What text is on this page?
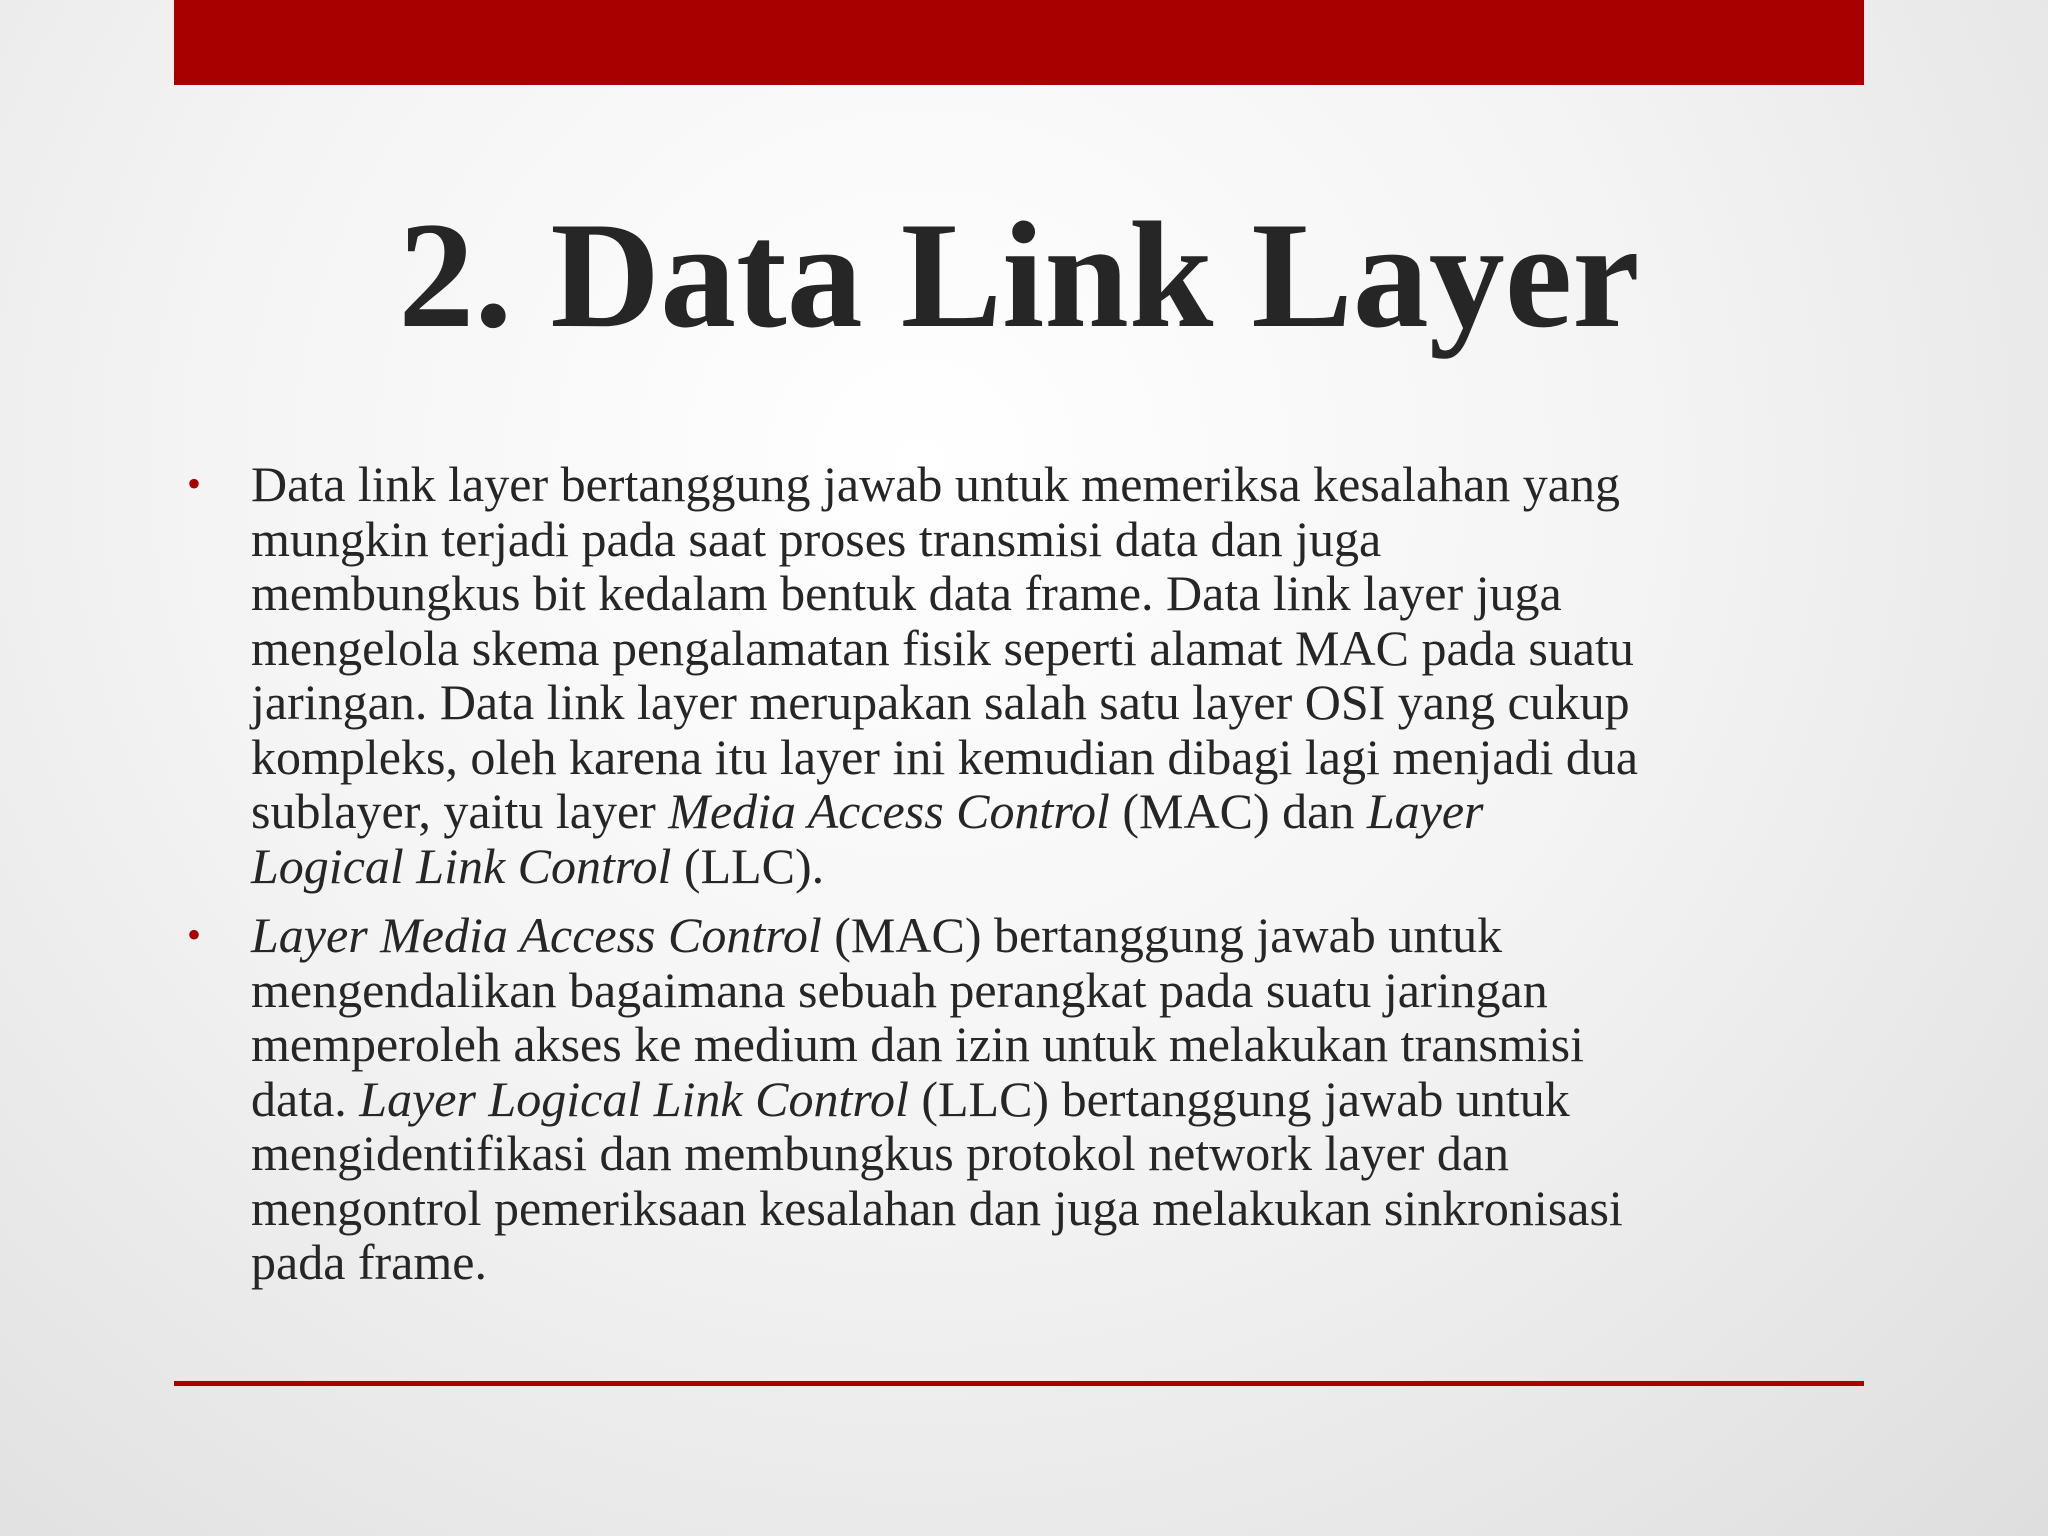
2. Data Link Layer
• Data link layer bertanggung jawab untuk memeriksa kesalahan yang
mungkin terjadi pada saat proses transmisi data dan juga
membungkus bit kedalam bentuk data frame. Data link layer juga
mengelola skema pengalamatan fisik seperti alamat MAC pada suatu
jaringan. Data link layer merupakan salah satu layer OSI yang cukup
kompleks, oleh karena itu layer ini kemudian dibagi lagi menjadi dua
sublayer, yaitu layer Media Access Control (MAC) dan Layer
Logical Link Control (LLC).
• Layer Media Access Control (MAC) bertanggung jawab untuk
mengendalikan bagaimana sebuah perangkat pada suatu jaringan
memperoleh akses ke medium dan izin untuk melakukan transmisi
data. Layer Logical Link Control (LLC) bertanggung jawab untuk
mengidentifikasi dan membungkus protokol network layer dan
mengontrol pemeriksaan kesalahan dan juga melakukan sinkronisasi
pada frame.
